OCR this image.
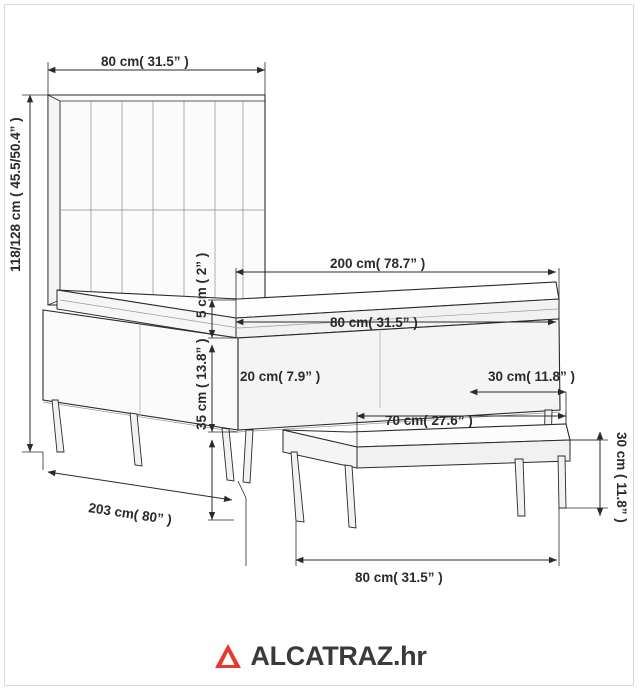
80 cm( 31.5” )
118/128 cm ( 45.5/50.4” )	200 cm( 78.7” )
80 cm( 31.5” )
5 cm ( 2” )
20 cm( 7.9” )
35 cm ( 13.8” )	30 cm( 11.8” )
70 cm( 27.6” )
30 cm ( 11.8” )
203 cm( 80” )
80 cm( 31.5” )
ALCATRAZ.hr
